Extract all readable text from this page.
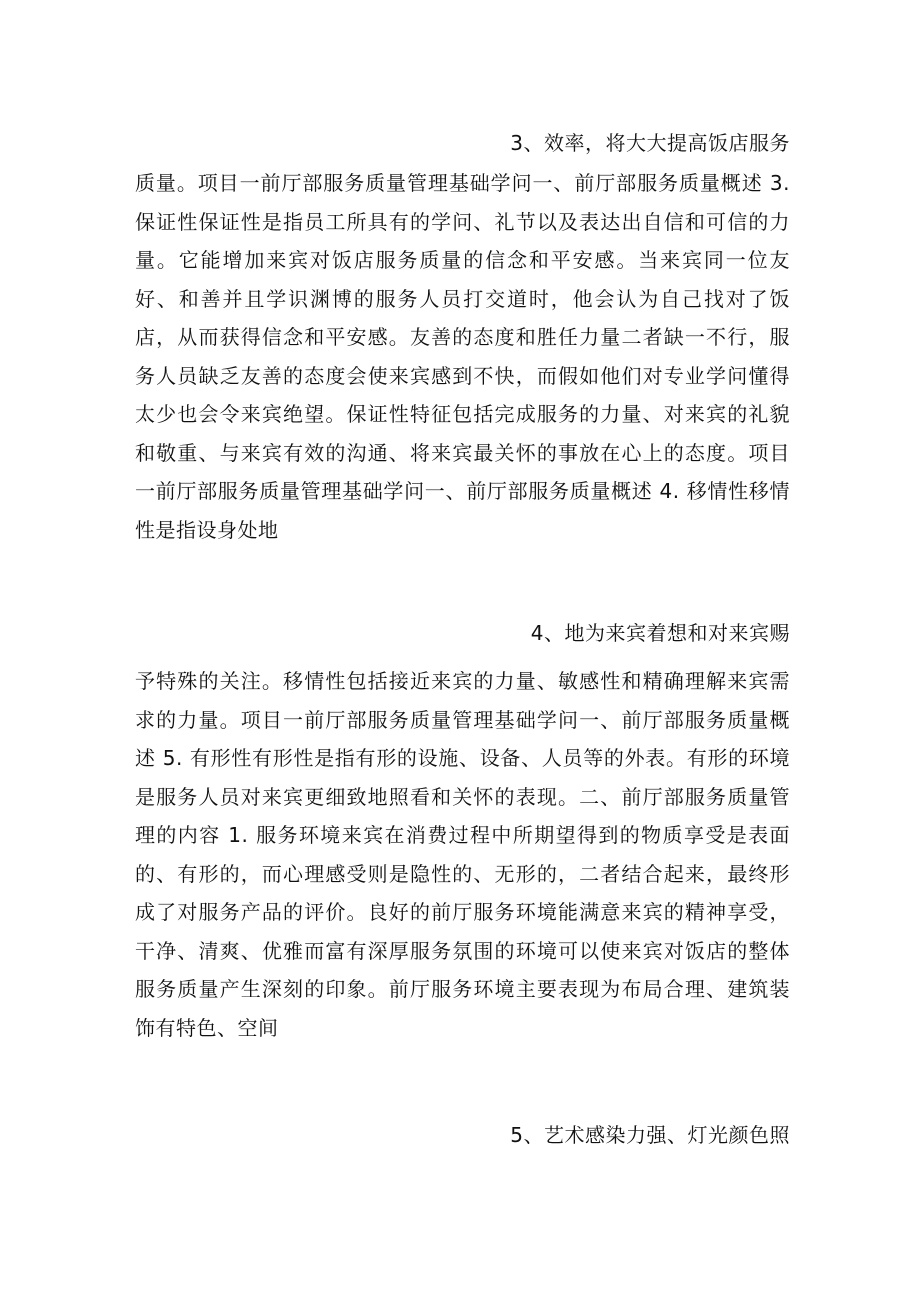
3、效率，将大大提高饭店服务
质量。项目一前厅部服务质量管理基础学问一、前厅部服务质量概述 3. 保证性保证性是指员工所具有的学问、礼节以及表达出自信和可信的力量。它能增加来宾对饭店服务质量的信念和平安感。当来宾同一位友好、和善并且学识渊博的服务人员打交道时，他会认为自己找对了饭店，从而获得信念和平安感。友善的态度和胜任力量二者缺一不行，服务人员缺乏友善的态度会使来宾感到不快，而假如他们对专业学问懂得太少也会令来宾绝望。保证性特征包括完成服务的力量、对来宾的礼貌和敬重、与来宾有效的沟通、将来宾最关怀的事放在心上的态度。项目一前厅部服务质量管理基础学问一、前厅部服务质量概述 4. 移情性移情性是指设身处地
4、地为来宾着想和对来宾赐
予特殊的关注。移情性包括接近来宾的力量、敏感性和精确理解来宾需求的力量。项目一前厅部服务质量管理基础学问一、前厅部服务质量概述 5. 有形性有形性是指有形的设施、设备、人员等的外表。有形的环境是服务人员对来宾更细致地照看和关怀的表现。二、前厅部服务质量管理的内容 1. 服务环境来宾在消费过程中所期望得到的物质享受是表面的、有形的，而心理感受则是隐性的、无形的，二者结合起来，最终形成了对服务产品的评价。良好的前厅服务环境能满意来宾的精神享受，干净、清爽、优雅而富有深厚服务氛围的环境可以使来宾对饭店的整体服务质量产生深刻的印象。前厅服务环境主要表现为布局合理、建筑装饰有特色、空间
5、艺术感染力强、灯光颜色照
